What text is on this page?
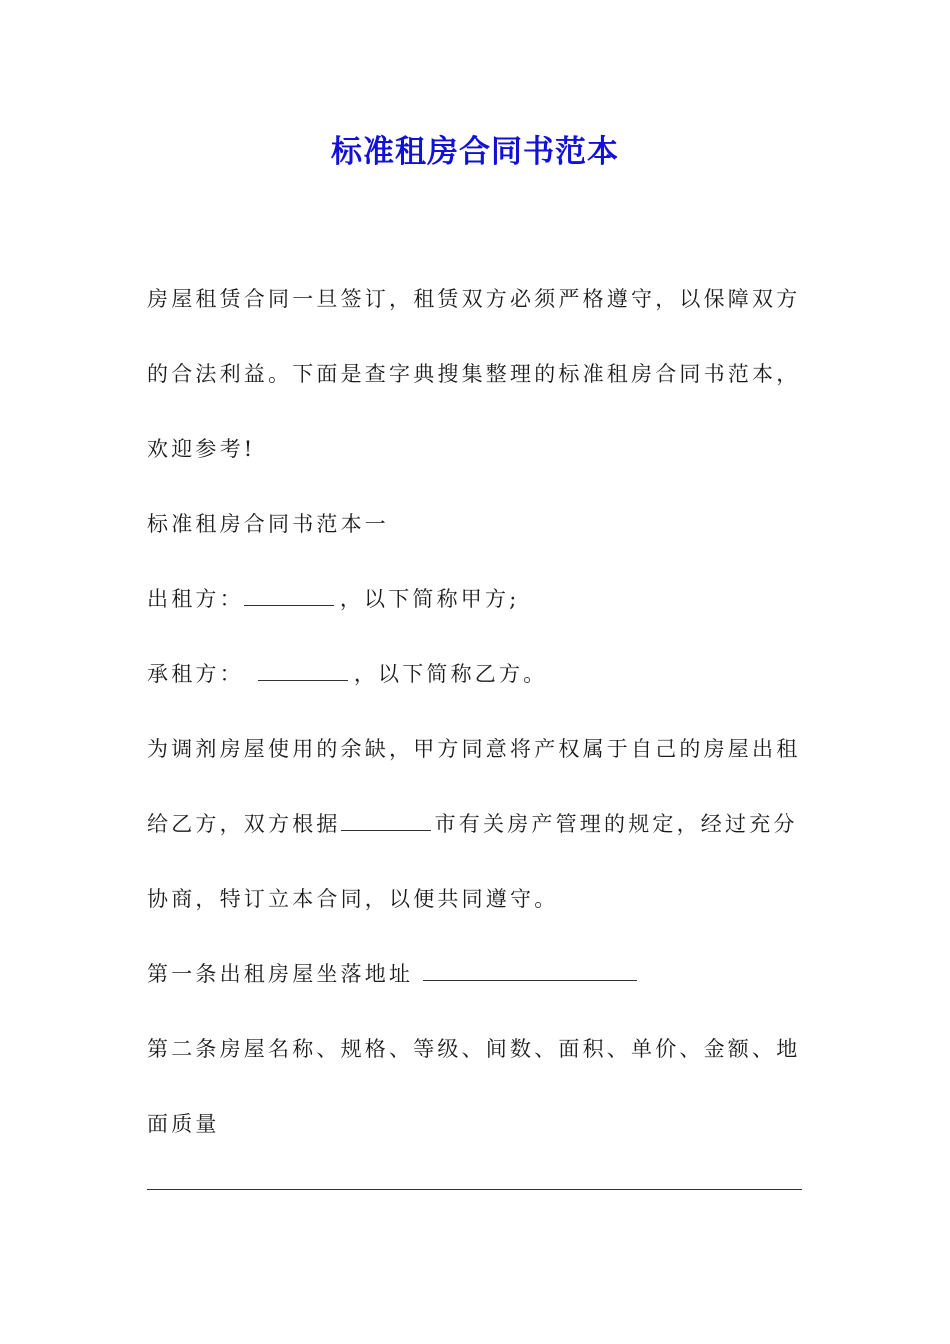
标准租房合同书范本

房屋租赁合同一旦签订，租赁双方必须严格遵守，以保障双方的合法利益。下面是查字典搜集整理的标准租房合同书范本，欢迎参考!

标准租房合同书范本一

出租方：	，以下简称甲方;

承租方：	，以下简称乙方。

为调剂房屋使用的余缺，甲方同意将产权属于自己的房屋出租给乙方，双方根据	市有关房产管理的规定，经过充分协商，特订立本合同，以便共同遵守。

第一条出租房屋坐落地址

第二条房屋名称、规格、等级、间数、面积、单价、金额、地面质量
